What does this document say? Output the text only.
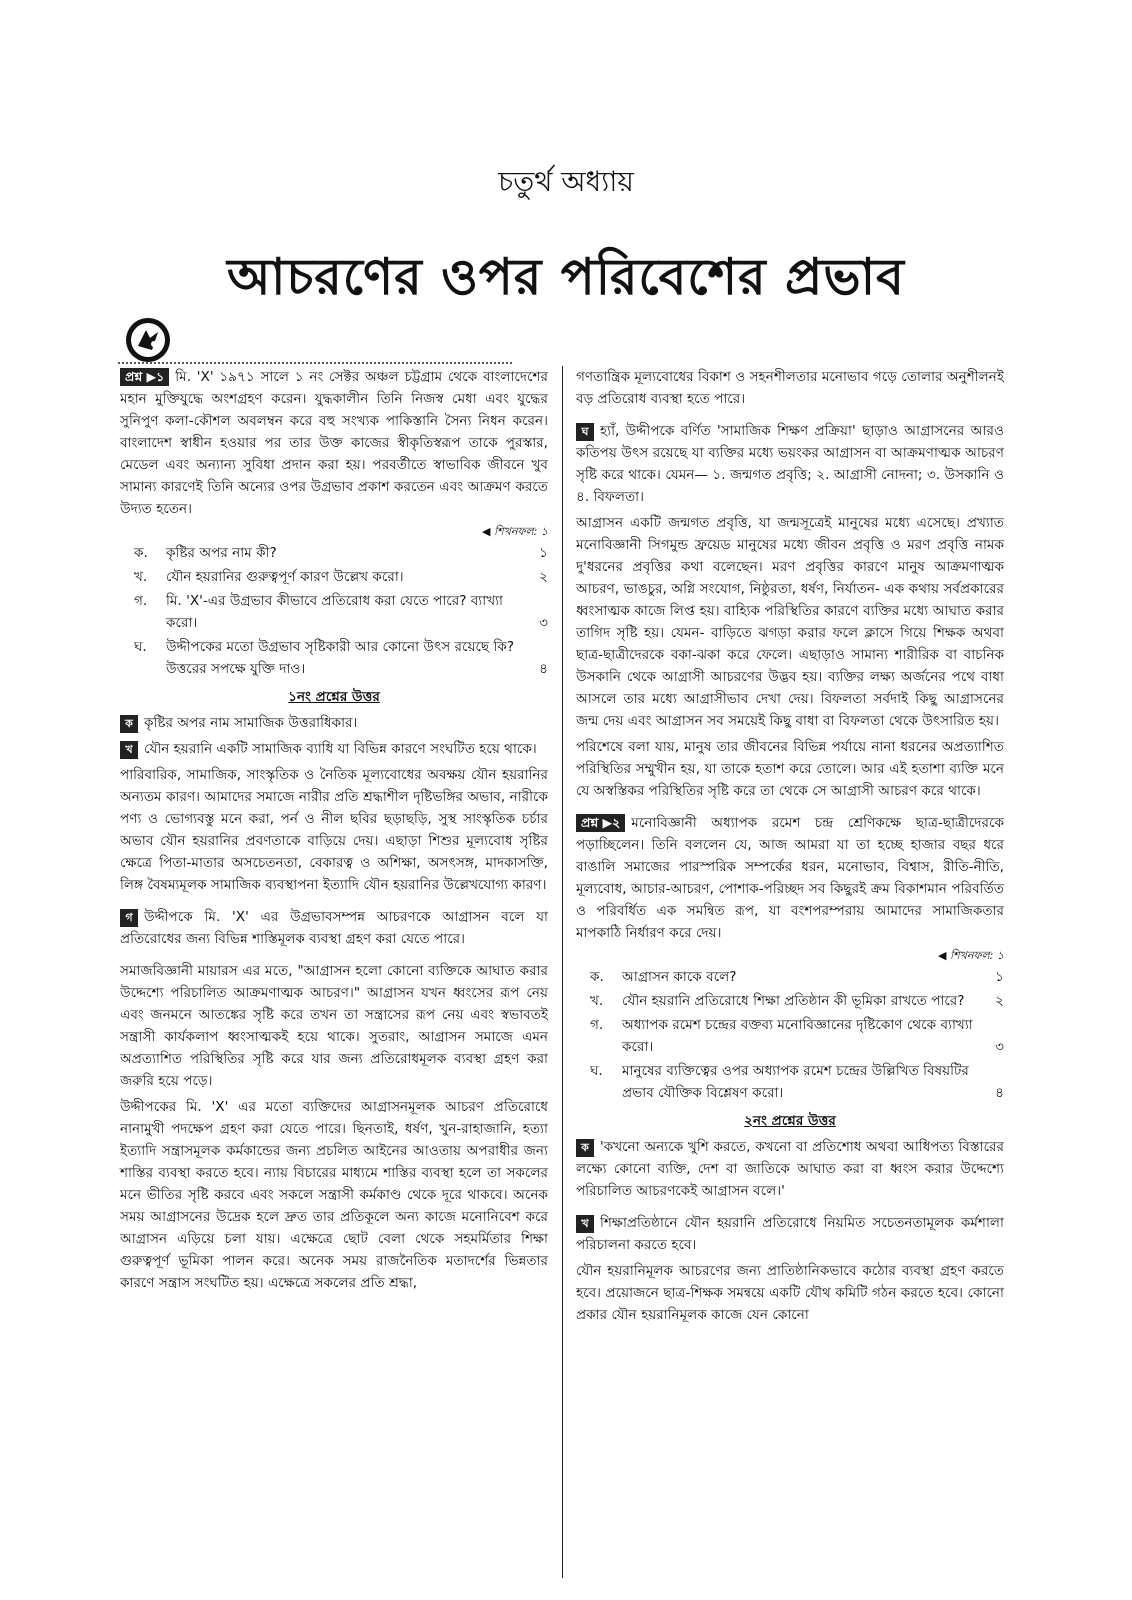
চতুর্থ অধ্যায়
আচরণের ওপর পরিবেশের প্রভাব

প্রশ্ন ▶১ মি. 'X' ১৯৭১ সালে ১ নং সেক্টর অঞ্চল চট্টগ্রাম থেকে বাংলাদেশের মহান মুক্তিযুদ্ধে অংশগ্রহণ করেন। যুদ্ধকালীন তিনি নিজস্ব মেধা এবং যুদ্ধের সুনিপুণ কলা-কৌশল অবলম্বন করে বহু সংখ্যক পাকিস্তানি সৈন্য নিধন করেন। বাংলাদেশ স্বাধীন হওয়ার পর তার উক্ত কাজের স্বীকৃতিস্বরূপ তাকে পুরস্কার, মেডেল এবং অন্যান্য সুবিধা প্রদান করা হয়। পরবর্তীতে স্বাভাবিক জীবনে খুব সামান্য কারণেই তিনি অন্যের ওপর উগ্রভাব প্রকাশ করতেন এবং আক্রমণ করতে উদ্যত হতেন।

◀ শিখনফল: ১
ক.	কৃষ্টির অপর নাম কী?	১
খ.	যৌন হয়রানির গুরুত্বপূর্ণ কারণ উল্লেখ করো।	২
গ.	মি. 'X'-এর উগ্রভাব কীভাবে প্রতিরোধ করা যেতে পারে? ব্যাখ্যা করো।	৩
ঘ.	উদ্দীপকের মতো উগ্রভাব সৃষ্টিকারী আর কোনো উৎস রয়েছে কি? উত্তরের সপক্ষে যুক্তি দাও।	৪
১নং প্রশ্নের উত্তর

ক কৃষ্টির অপর নাম সামাজিক উত্তরাধিকার।

খ যৌন হয়রানি একটি সামাজিক ব্যাধি যা বিভিন্ন কারণে সংঘটিত হয়ে থাকে।

পারিবারিক, সামাজিক, সাংস্কৃতিক ও নৈতিক মূল্যবোধের অবক্ষয় যৌন হয়রানির অন্যতম কারণ। আমাদের সমাজে নারীর প্রতি শ্রদ্ধাশীল দৃষ্টিভঙ্গির অভাব, নারীকে পণ্য ও ভোগ্যবস্তু মনে করা, পর্ন ও নীল ছবির ছড়াছড়ি, সুস্থ সাংস্কৃতিক চর্চার অভাব যৌন হয়রানির প্রবণতাকে বাড়িয়ে দেয়। এছাড়া শিশুর মূল্যবোধ সৃষ্টির ক্ষেত্রে পিতা-মাতার অসচেতনতা, বেকারত্ব ও অশিক্ষা, অসৎসঙ্গ, মাদকাসক্তি, লিঙ্গ বৈষম্যমূলক সামাজিক ব্যবস্থাপনা ইত্যাদি যৌন হয়রানির উল্লেখযোগ্য কারণ।

গ উদ্দীপকে মি. 'X' এর উগ্রভাবসম্পন্ন আচরণকে আগ্রাসন বলে যা প্রতিরোধের জন্য বিভিন্ন শাস্তিমূলক ব্যবস্থা গ্রহণ করা যেতে পারে।

সমাজবিজ্ঞানী মায়ারস এর মতে, "আগ্রাসন হলো কোনো ব্যক্তিকে আঘাত করার উদ্দেশ্যে পরিচালিত আক্রমণাত্মক আচরণ।" আগ্রাসন যখন ধ্বংসের রূপ নেয় এবং জনমনে আতঙ্কের সৃষ্টি করে তখন তা সন্ত্রাসের রূপ নেয় এবং স্বভাবতই সন্ত্রাসী কার্যকলাপ ধ্বংসাত্মকই হয়ে থাকে। সুতরাং, আগ্রাসন সমাজে এমন অপ্রত্যাশিত পরিস্থিতির সৃষ্টি করে যার জন্য প্রতিরোধমূলক ব্যবস্থা গ্রহণ করা জরুরি হয়ে পড়ে।

উদ্দীপকের মি. 'X' এর মতো ব্যক্তিদের আগ্রাসনমূলক আচরণ প্রতিরোধে নানামুখী পদক্ষেপ গ্রহণ করা যেতে পারে। ছিনতাই, ধর্ষণ, খুন-রাহাজানি, হত্যা ইত্যাদি সন্ত্রাসমূলক কর্মকান্ডের জন্য প্রচলিত আইনের আওতায় অপরাধীর জন্য শাস্তির ব্যবস্থা করতে হবে। ন্যায় বিচারের মাধ্যমে শাস্তির ব্যবস্থা হলে তা সকলের মনে ভীতির সৃষ্টি করবে এবং সকলে সন্ত্রাসী কর্মকাণ্ড থেকে দূরে থাকবে। অনেক সময় আগ্রাসনের উদ্রেক হলে দ্রুত তার প্রতিকূলে অন্য কাজে মনোনিবেশ করে আগ্রাসন এড়িয়ে চলা যায়। এক্ষেত্রে ছোট বেলা থেকে সহমর্মিতার শিক্ষা গুরুত্বপূর্ণ ভূমিকা পালন করে। অনেক সময় রাজনৈতিক মতাদর্শের ভিন্নতার কারণে সন্ত্রাস সংঘটিত হয়। এক্ষেত্রে সকলের প্রতি শ্রদ্ধা,

গণতান্ত্রিক মূল্যবোধের বিকাশ ও সহনশীলতার মনোভাব গড়ে তোলার অনুশীলনই বড় প্রতিরোধ ব্যবস্থা হতে পারে।

ঘ হ্যাঁ, উদ্দীপকে বর্ণিত 'সামাজিক শিক্ষণ প্রক্রিয়া' ছাড়াও আগ্রাসনের আরও কতিপয় উৎস রয়েছে যা ব্যক্তির মধ্যে ভয়ংকর আগ্রাসন বা আক্রমণাত্মক আচরণ সৃষ্টি করে থাকে। যেমন— ১. জন্মগত প্রবৃত্তি; ২. আগ্রাসী নোদনা; ৩. উসকানি ও ৪. বিফলতা।

আগ্রাসন একটি জন্মগত প্রবৃত্তি, যা জন্মসূত্রেই মানুষের মধ্যে এসেছে। প্রখ্যাত মনোবিজ্ঞানী সিগমুন্ড ফ্রয়েড মানুষের মধ্যে জীবন প্রবৃত্তি ও মরণ প্রবৃত্তি নামক দু'ধরনের প্রবৃত্তির কথা বলেছেন। মরণ প্রবৃত্তির কারণে মানুষ আক্রমণাত্মক আচরণ, ভাঙচুর, অগ্নি সংযোগ, নিষ্ঠুরতা, ধর্ষণ, নির্যাতন- এক কথায় সর্বপ্রকারের ধ্বংসাত্মক কাজে লিপ্ত হয়। বাহ্যিক পরিস্থিতির কারণে ব্যক্তির মধ্যে আঘাত করার তাগিদ সৃষ্টি হয়। যেমন- বাড়িতে ঝগড়া করার ফলে ক্লাসে গিয়ে শিক্ষক অথবা ছাত্র-ছাত্রীদেরকে বকা-ঝকা করে ফেলে। এছাড়াও সামান্য শারীরিক বা বাচনিক উসকানি থেকে আগ্রাসী আচরণের উদ্ভব হয়। ব্যক্তির লক্ষ্য অর্জনের পথে বাধা আসলে তার মধ্যে আগ্রাসীভাব দেখা দেয়। বিফলতা সর্বদাই কিছু আগ্রাসনের জন্ম দেয় এবং আগ্রাসন সব সময়েই কিছু বাধা বা বিফলতা থেকে উৎসারিত হয়।

পরিশেষে বলা যায়, মানুষ তার জীবনের বিভিন্ন পর্যায়ে নানা ধরনের অপ্রত্যাশিত পরিস্থিতির সম্মুখীন হয়, যা তাকে হতাশ করে তোলে। আর এই হতাশা ব্যক্তি মনে যে অস্বস্তিকর পরিস্থিতির সৃষ্টি করে তা থেকে সে আগ্রাসী আচরণ করে থাকে।

প্রশ্ন ▶২ মনোবিজ্ঞানী অধ্যাপক রমেশ চন্দ্র শ্রেণিকক্ষে ছাত্র-ছাত্রীদেরকে পড়াচ্ছিলেন। তিনি বললেন যে, আজ আমরা যা তা হচ্ছে হাজার বছর ধরে বাঙালি সমাজের পারস্পরিক সম্পর্কের ধরন, মনোভাব, বিশ্বাস, রীতি-নীতি, মূল্যবোধ, আচার-আচরণ, পোশাক-পরিচ্ছদ সব কিছুরই ক্রম বিকাশমান পরিবর্তিত ও পরিবর্ধিত এক সমন্বিত রূপ, যা বংশপরম্পরায় আমাদের সামাজিকতার মাপকাঠি নির্ধারণ করে দেয়।

◀ শিখনফল: ১
ক.	আগ্রাসন কাকে বলে?	১
খ.	যৌন হয়রানি প্রতিরোধে শিক্ষা প্রতিষ্ঠান কী ভূমিকা রাখতে পারে?	২
গ.	অধ্যাপক রমেশ চন্দ্রের বক্তব্য মনোবিজ্ঞানের দৃষ্টিকোণ থেকে ব্যাখ্যা করো।	৩
ঘ.	মানুষের ব্যক্তিত্বের ওপর অধ্যাপক রমেশ চন্দ্রের উল্লিখিত বিষয়টির প্রভাব যৌক্তিক বিশ্লেষণ করো।	৪
২নং প্রশ্নের উত্তর

ক 'কখনো অন্যকে খুশি করতে, কখনো বা প্রতিশোধ অথবা আধিপত্য বিস্তারের লক্ষ্যে কোনো ব্যক্তি, দেশ বা জাতিকে আঘাত করা বা ধ্বংস করার উদ্দেশ্যে পরিচালিত আচরণকেই আগ্রাসন বলে।'

খ শিক্ষাপ্রতিষ্ঠানে যৌন হয়রানি প্রতিরোধে নিয়মিত সচেতনতামূলক কর্মশালা পরিচালনা করতে হবে।

যৌন হয়রানিমূলক আচরণের জন্য প্রাতিষ্ঠানিকভাবে কঠোর ব্যবস্থা গ্রহণ করতে হবে। প্রয়োজনে ছাত্র-শিক্ষক সমন্বয়ে একটি যৌথ কমিটি গঠন করতে হবে। কোনো প্রকার যৌন হয়রানিমূলক কাজে যেন কোনো
